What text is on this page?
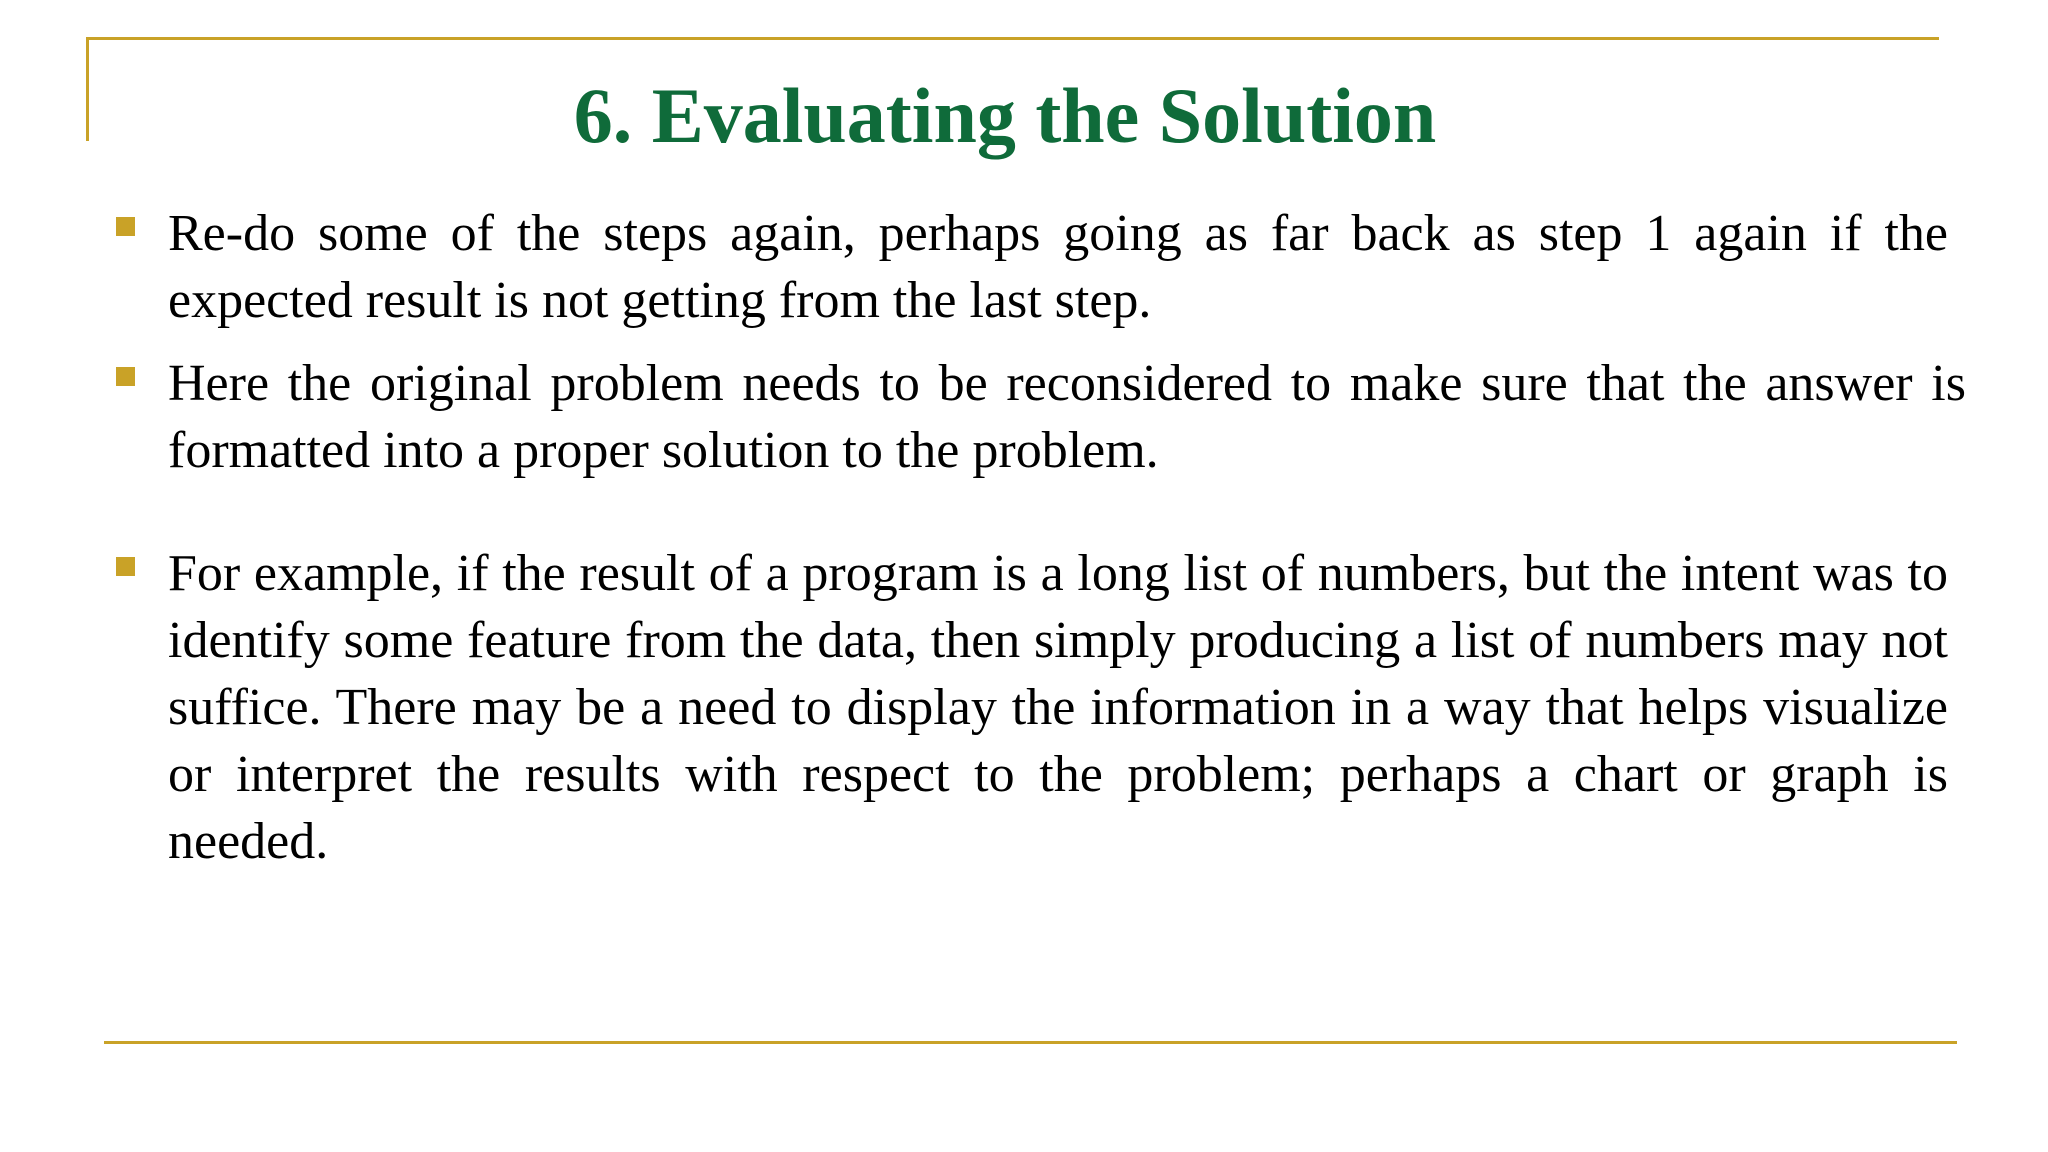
6. Evaluating the Solution

Re-do some of the steps again, perhaps going as far back as step 1 again if the expected result is not getting from the last step.

Here the original problem needs to be reconsidered to make sure that the answer is formatted into a proper solution to the problem.

For example, if the result of a program is a long list of numbers, but the intent was to identify some feature from the data, then simply producing a list of numbers may not suffice. There may be a need to display the information in a way that helps visualize or interpret the results with respect to the problem; perhaps a chart or graph is needed.
